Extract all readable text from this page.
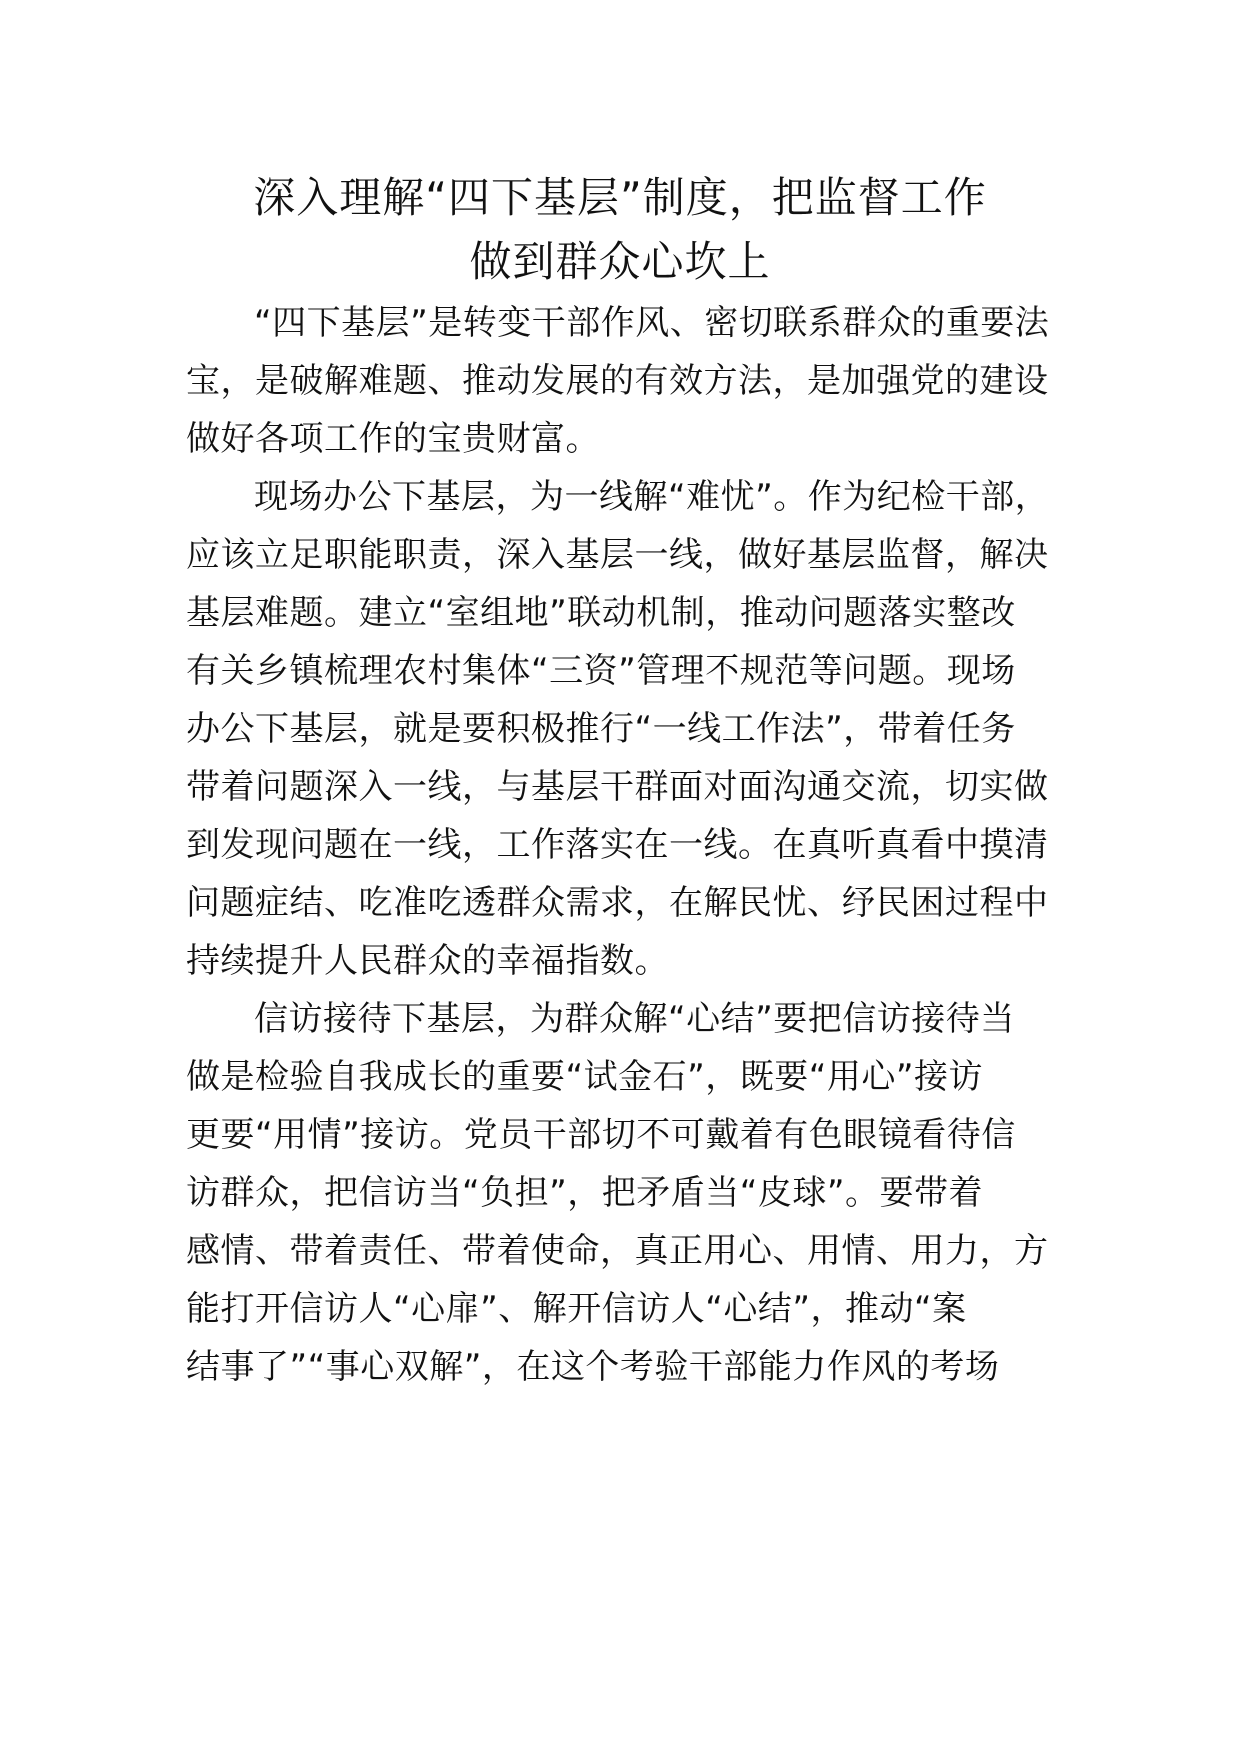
深入理解“四下基层”制度，把监督工作
做到群众心坎上

“四下基层”是转变干部作风、密切联系群众的重要法

宝，是破解难题、推动发展的有效方法，是加强党的建设

做好各项工作的宝贵财富。

现场办公下基层，为一线解“难忧”。作为纪检干部，

应该立足职能职责，深入基层一线，做好基层监督，解决

基层难题。建立“室组地”联动机制，推动问题落实整改

有关乡镇梳理农村集体“三资”管理不规范等问题。现场

办公下基层，就是要积极推行“一线工作法”，带着任务

带着问题深入一线，与基层干群面对面沟通交流，切实做

到发现问题在一线，工作落实在一线。在真听真看中摸清

问题症结、吃准吃透群众需求，在解民忧、纾民困过程中

持续提升人民群众的幸福指数。

信访接待下基层，为群众解“心结”要把信访接待当

做是检验自我成长的重要“试金石”，既要“用心”接访

更要“用情”接访。党员干部切不可戴着有色眼镜看待信

访群众，把信访当“负担”，把矛盾当“皮球”。要带着

感情、带着责任、带着使命，真正用心、用情、用力，方

能打开信访人“心扉”、解开信访人“心结”，推动“案

结事了”“事心双解”，在这个考验干部能力作风的考场
